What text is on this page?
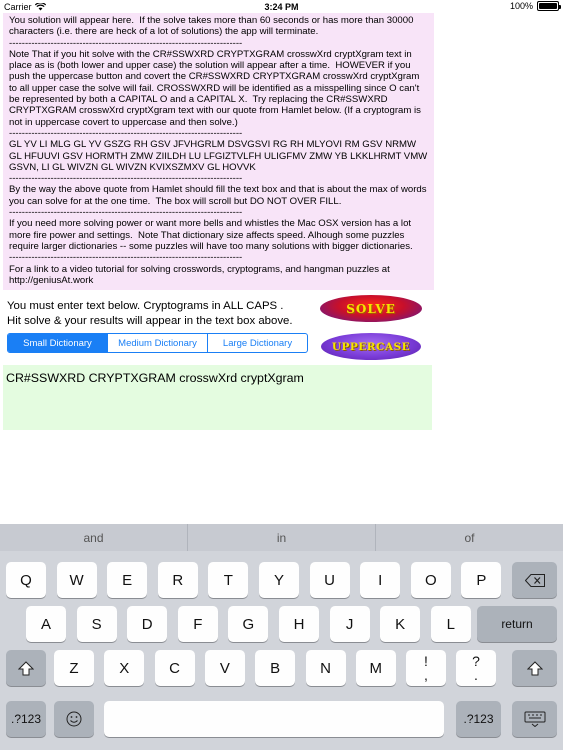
Carrier	3:24 PM	100%

You solution will appear here.  If the solve takes more than 60 seconds or has more than 30000 characters (i.e. there are heck of a lot of solutions) the app will terminate.

-------------------------------------------------------------------------

Note That if you hit solve with the CR#SSWXRD CRYPTXGRAM crosswXrd cryptXgram text in place as is (both lower and upper case) the solution will appear after a time.  HOWEVER if you push the uppercase button and covert the CR#SSWXRD CRYPTXGRAM crosswXrd cryptXgram to all upper case the solve will fail. CROSSWXRD will be identified as a misspelling since O can't be represented by both a CAPITAL O and a CAPITAL X.  Try replacing the CR#SSWXRD CRYPTXGRAM crosswXrd cryptXgram text with our quote from Hamlet below. (If a cryptogram is not in uppercase covert to uppercase and then solve.)

-------------------------------------------------------------------------

GL YV LI MLG GL YV GSZG RH GSV JFVHGRLM DSVGSVI RG RH MLYOVI RM GSV NRMW GL HFUUVI GSV HORMTH ZMW ZIILDH LU LFGIZTVLFH ULIGFMV ZMW YB LKKLHRMT VMW GSVN, LI GL WIVZN GL WIVZN KVIXSZMXV GL HOVVK

-------------------------------------------------------------------------

By the way the above quote from Hamlet should fill the text box and that is about the max of words you can solve for at the one time.  The box will scroll but DO NOT OVER FILL.

-------------------------------------------------------------------------

If you need more solving power or want more bells and whistles the Mac OSX version has a lot more fire power and settings.  Note That dictionary size affects speed. Alhough some puzzles require larger dictionaries -- some puzzles will have too many solutions with bigger dictionaries.

-------------------------------------------------------------------------

For a link to a video tutorial for solving crosswords, cryptograms, and hangman puzzles at http://geniusAt.work

You must enter text below. Cryptograms in ALL CAPS .
Hit solve & your results will appear in the text box above.
SOLVE
UPPERCASE
Small Dictionary	Medium Dictionary	Large Dictionary
CR#SSWXRD CRYPTXGRAM crosswXrd cryptXgram
and	in	of
Q	W	E	R	T	Y	U	I	O	P
A	S	D	F	G	H	J	K	L	return
Z	X	C	V	B	N	M	!
,
?
.
.?123	.?123
